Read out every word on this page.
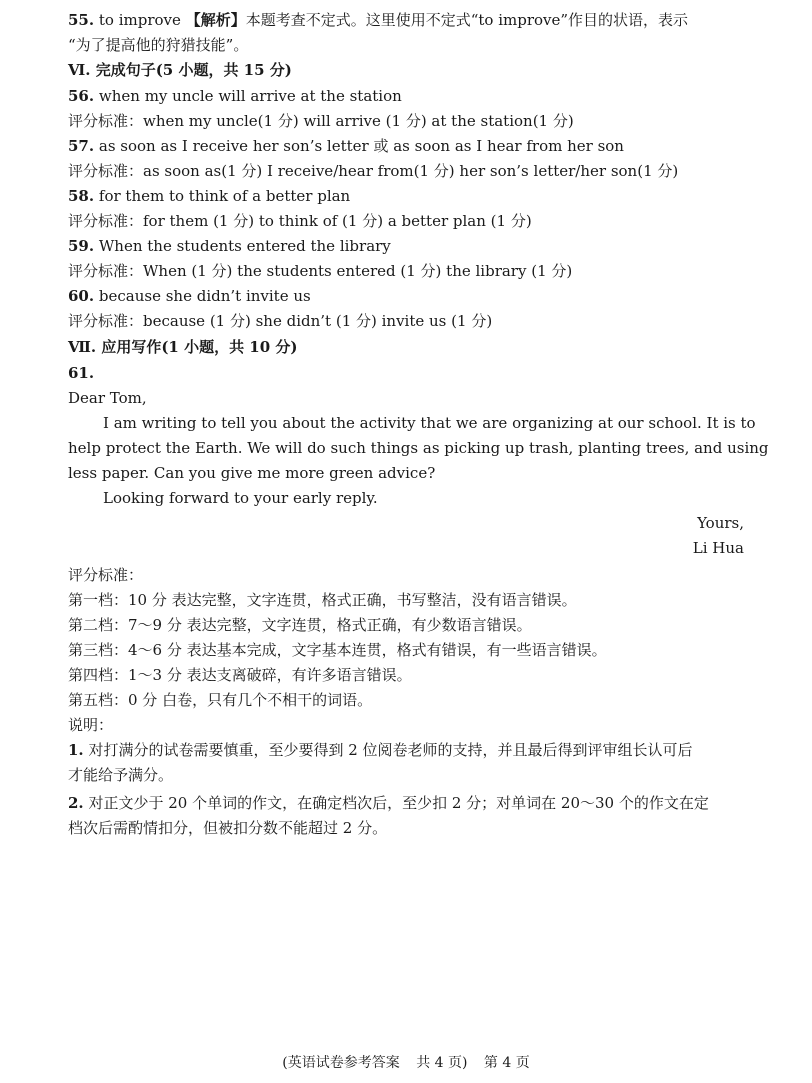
55. to improve 【解析】本题考查不定式。这里使用不定式“to improve”作目的状语，表示
“为了提高他的狩猎技能”。
Ⅵ. 完成句子(5 小题，共 15 分)
56. when my uncle will arrive at the station
评分标准：when my uncle(1 分) will arrive (1 分) at the station(1 分)
57. as soon as I receive her son’s letter 或 as soon as I hear from her son
评分标准：as soon as(1 分) I receive/hear from(1 分) her son’s letter/her son(1 分)
58. for them to think of a better plan
评分标准：for them (1 分) to think of (1 分) a better plan (1 分)
59. When the students entered the library
评分标准：When (1 分) the students entered (1 分) the library (1 分)
60. because she didn’t invite us
评分标准：because (1 分) she didn’t (1 分) invite us (1 分)
Ⅶ. 应用写作(1 小题，共 10 分)
61.
Dear Tom,
I am writing to tell you about the activity that we are organizing at our school. It is to
help protect the Earth. We will do such things as picking up trash, planting trees, and using
less paper. Can you give me more green advice?
Looking forward to your early reply.
Yours,
Li Hua
评分标准：
第一档：10 分 表达完整，文字连贯，格式正确，书写整洁，没有语言错误。
第二档：7～9 分 表达完整，文字连贯，格式正确，有少数语言错误。
第三档：4～6 分 表达基本完成，文字基本连贯，格式有错误，有一些语言错误。
第四档：1～3 分 表达支离破碎，有许多语言错误。
第五档：0 分 白卷，只有几个不相干的词语。
说明：
1. 对打满分的试卷需要慎重，至少要得到 2 位阅卷老师的支持，并且最后得到评审组长认可后
才能给予满分。
2. 对正文少于 20 个单词的作文，在确定档次后，至少扣 2 分；对单词在 20～30 个的作文在定
档次后需酌情扣分，但被扣分数不能超过 2 分。
(英语试卷参考答案 共 4 页) 第 4 页
